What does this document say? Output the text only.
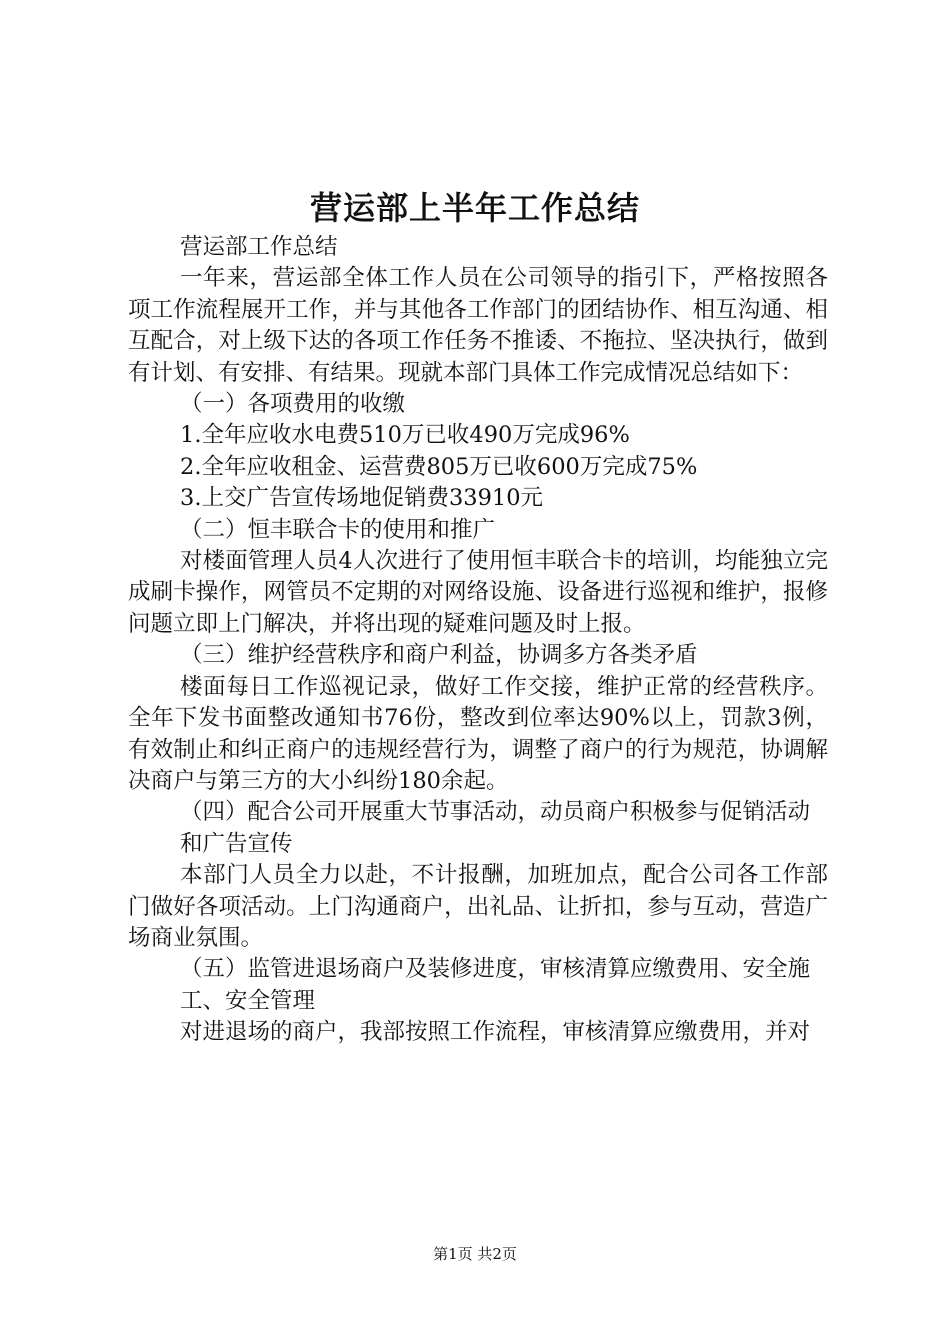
营运部上半年工作总结

营运部工作总结

一年来，营运部全体工作人员在公司领导的指引下，严格按照各项工作流程展开工作，并与其他各工作部门的团结协作、相互沟通、相互配合，对上级下达的各项工作任务不推诿、不拖拉、坚决执行，做到有计划、有安排、有结果。现就本部门具体工作完成情况总结如下：

（一）各项费用的收缴

1.全年应收水电费510万已收490万完成96%

2.全年应收租金、运营费805万已收600万完成75%

3.上交广告宣传场地促销费33910元

（二）恒丰联合卡的使用和推广

对楼面管理人员4人次进行了使用恒丰联合卡的培训，均能独立完成刷卡操作，网管员不定期的对网络设施、设备进行巡视和维护，报修问题立即上门解决，并将出现的疑难问题及时上报。

（三）维护经营秩序和商户利益，协调多方各类矛盾

楼面每日工作巡视记录，做好工作交接，维护正常的经营秩序。全年下发书面整改通知书76份，整改到位率达90%以上，罚款3例，有效制止和纠正商户的违规经营行为，调整了商户的行为规范，协调解决商户与第三方的大小纠纷180余起。

（四）配合公司开展重大节事活动，动员商户积极参与促销活动

和广告宣传

本部门人员全力以赴，不计报酬，加班加点，配合公司各工作部门做好各项活动。上门沟通商户，出礼品、让折扣，参与互动，营造广场商业氛围。

（五）监管进退场商户及装修进度，审核清算应缴费用、安全施

工、安全管理

对进退场的商户，我部按照工作流程，审核清算应缴费用，并对

第1页 共2页
